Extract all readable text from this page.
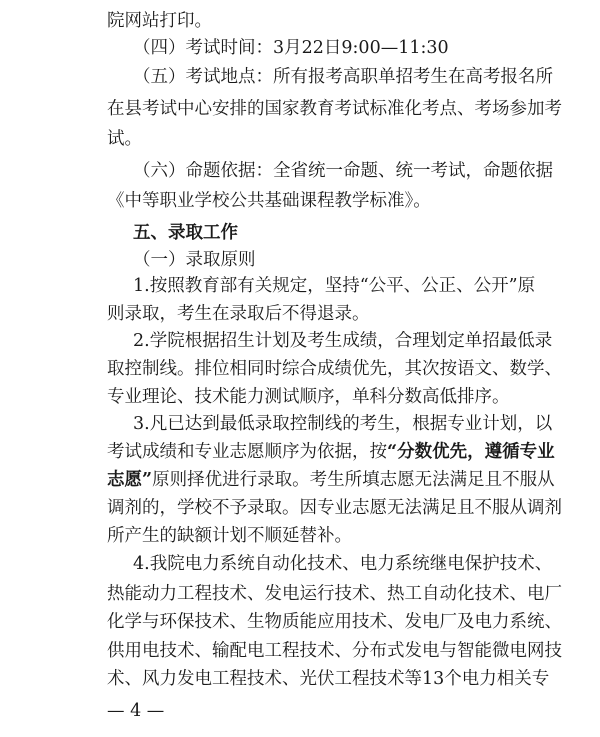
院网站打印。
（四）考试时间：3月22日9:00—11:30
（五）考试地点：所有报考高职单招考生在高考报名所
在县考试中心安排的国家教育考试标准化考点、考场参加考
试。
（六）命题依据：全省统一命题、统一考试，命题依据
《中等职业学校公共基础课程教学标准》。
五、录取工作
（一）录取原则
1.按照教育部有关规定，坚持“公平、公正、公开”原
则录取，考生在录取后不得退录。
2.学院根据招生计划及考生成绩，合理划定单招最低录
取控制线。排位相同时综合成绩优先，其次按语文、数学、
专业理论、技术能力测试顺序，单科分数高低排序。
3.凡已达到最低录取控制线的考生，根据专业计划，以
考试成绩和专业志愿顺序为依据，按“分数优先，遵循专业
志愿”原则择优进行录取。考生所填志愿无法满足且不服从
调剂的，学校不予录取。因专业志愿无法满足且不服从调剂
所产生的缺额计划不顺延替补。
4.我院电力系统自动化技术、电力系统继电保护技术、
热能动力工程技术、发电运行技术、热工自动化技术、电厂
化学与环保技术、生物质能应用技术、发电厂及电力系统、
供用电技术、输配电工程技术、分布式发电与智能微电网技
术、风力发电工程技术、光伏工程技术等13个电力相关专
— 4 —
